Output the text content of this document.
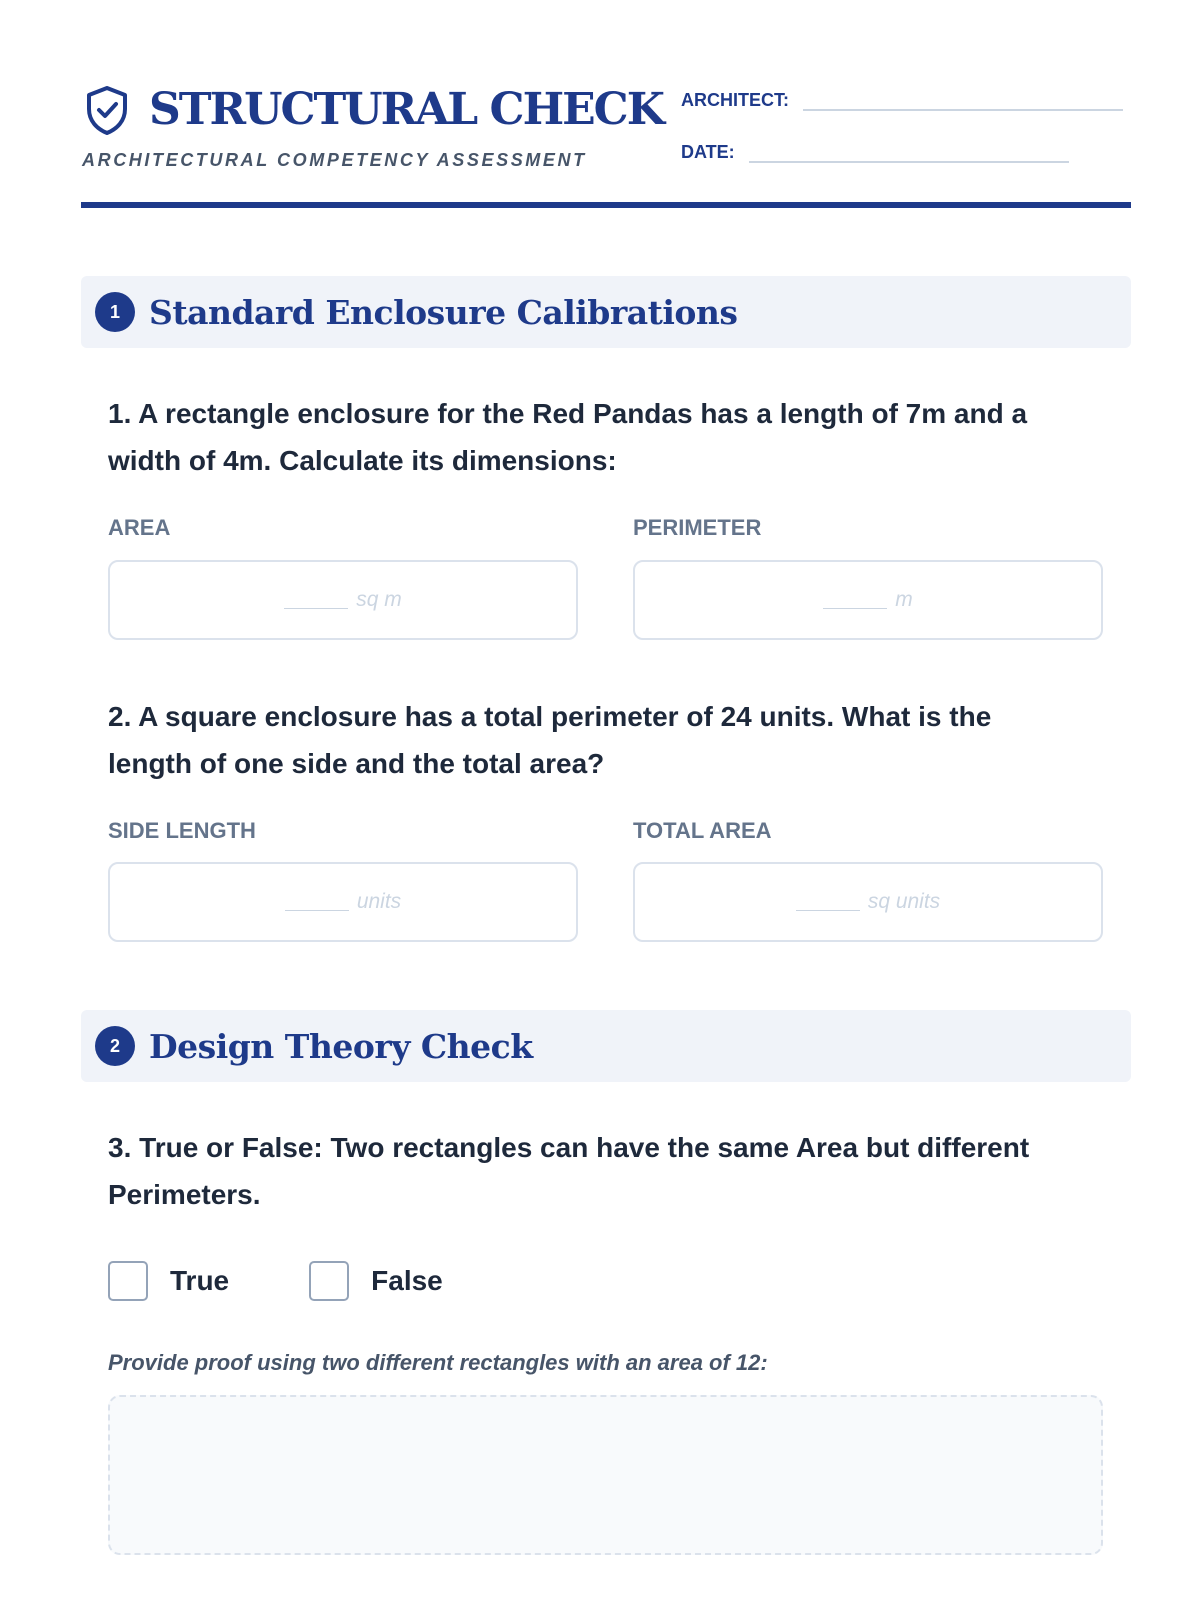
STRUCTURAL CHECK
ARCHITECTURAL COMPETENCY ASSESSMENT
ARCHITECT:
DATE:
1 Standard Enclosure Calibrations
1. A rectangle enclosure for the Red Pandas has a length of 7m and a width of 4m. Calculate its dimensions:
AREA	PERIMETER
sq m	m
2. A square enclosure has a total perimeter of 24 units. What is the length of one side and the total area?
SIDE LENGTH	TOTAL AREA
units	sq units
2 Design Theory Check
3. True or False: Two rectangles can have the same Area but different Perimeters.
True	False
Provide proof using two different rectangles with an area of 12:
